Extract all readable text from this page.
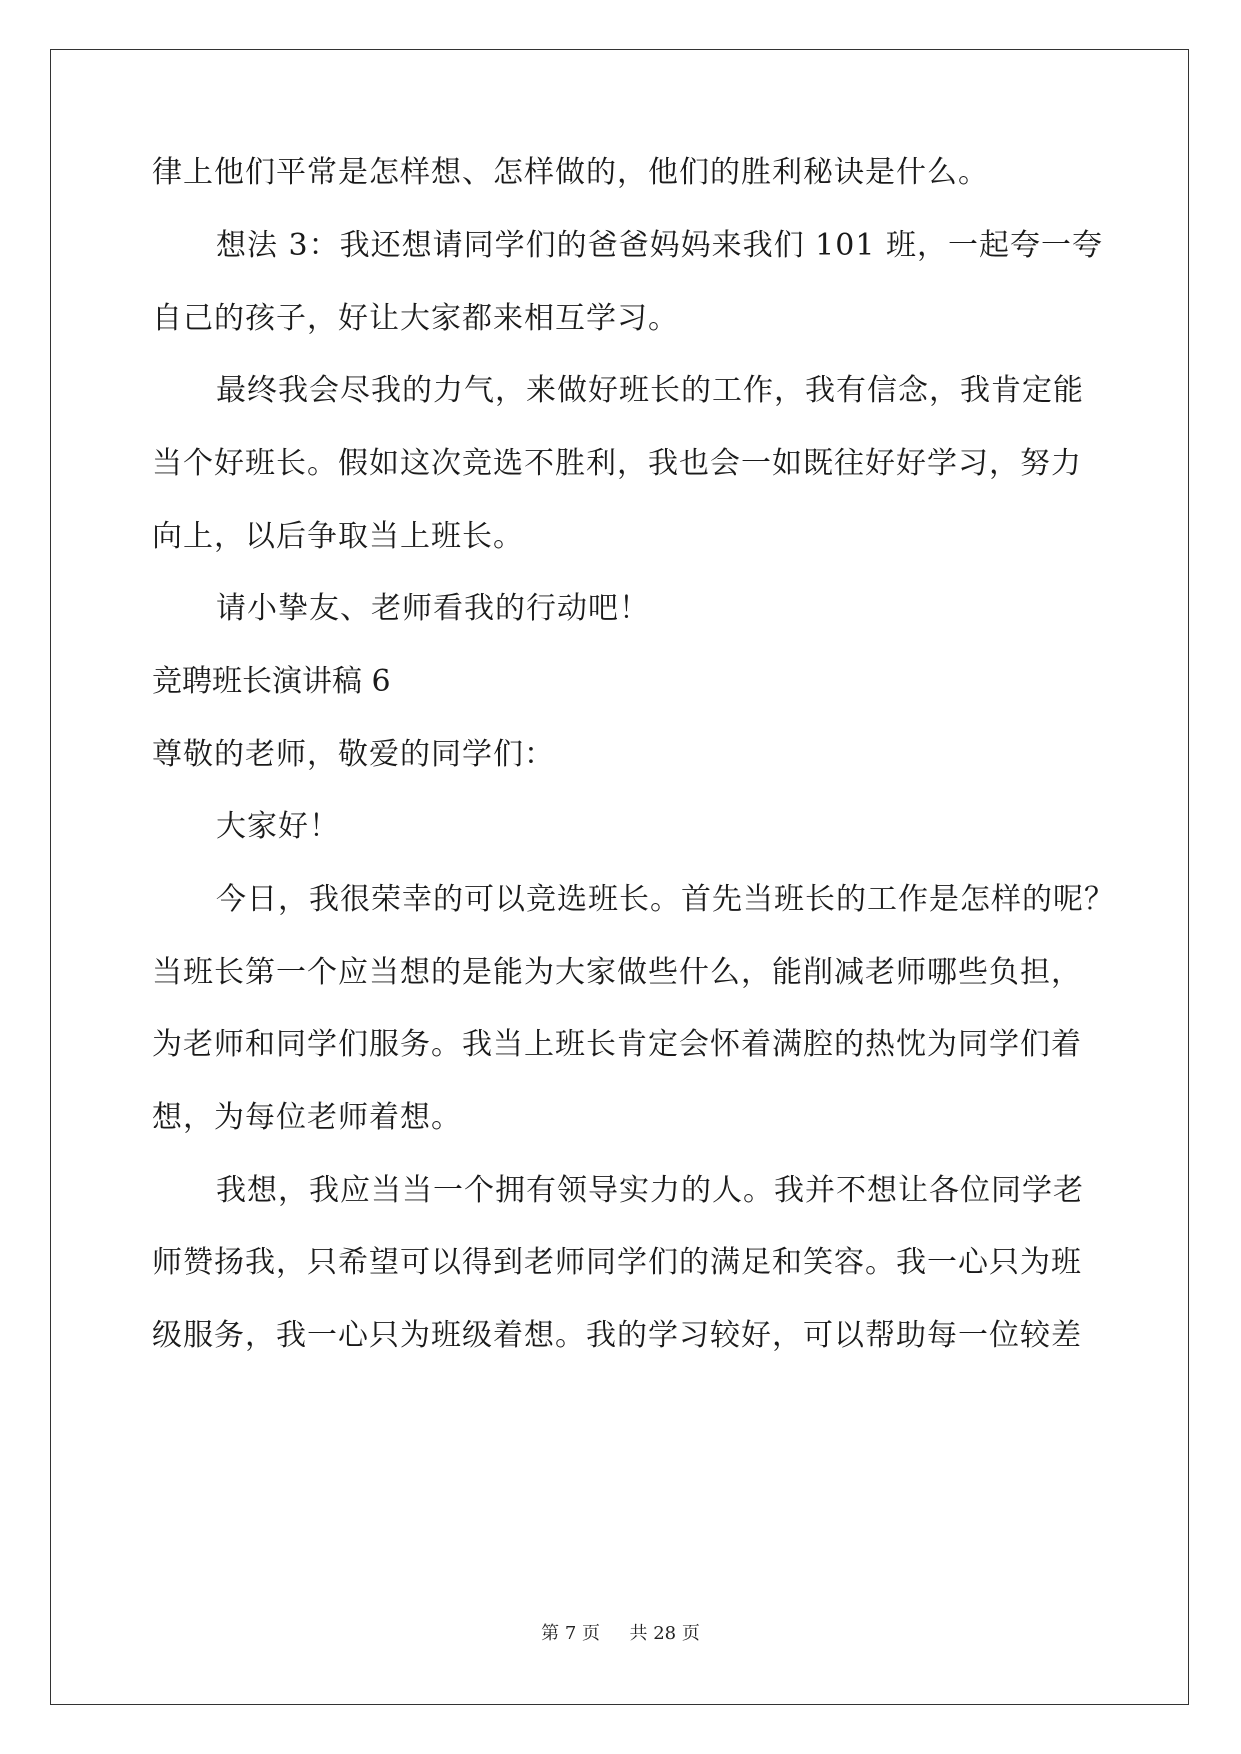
律上他们平常是怎样想、怎样做的，他们的胜利秘诀是什么。
想法 3：我还想请同学们的爸爸妈妈来我们 101 班，一起夸一夸
自己的孩子，好让大家都来相互学习。
最终我会尽我的力气，来做好班长的工作，我有信念，我肯定能
当个好班长。假如这次竞选不胜利，我也会一如既往好好学习，努力
向上，以后争取当上班长。
请小挚友、老师看我的行动吧！
竞聘班长演讲稿 6
尊敬的老师，敬爱的同学们：
大家好！
今日，我很荣幸的可以竞选班长。首先当班长的工作是怎样的呢？
当班长第一个应当想的是能为大家做些什么，能削减老师哪些负担，
为老师和同学们服务。我当上班长肯定会怀着满腔的热忱为同学们着
想，为每位老师着想。
我想，我应当当一个拥有领导实力的人。我并不想让各位同学老
师赞扬我，只希望可以得到老师同学们的满足和笑容。我一心只为班
级服务，我一心只为班级着想。我的学习较好，可以帮助每一位较差
第 7 页 共 28 页
